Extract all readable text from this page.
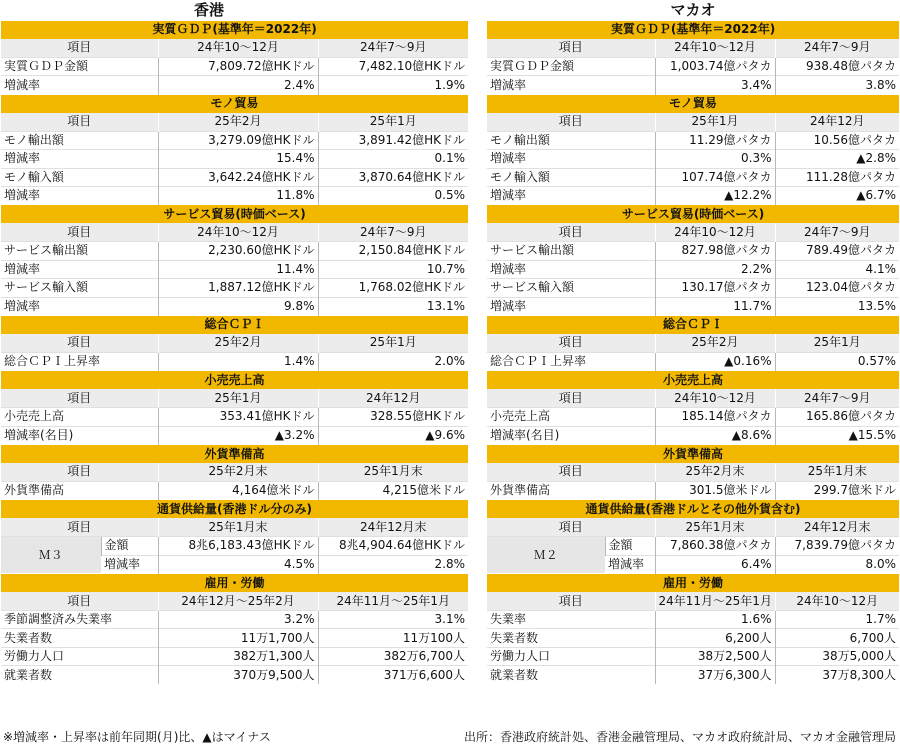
香港
実質ＧＤＰ(基準年＝2022年)			
項目		24年10〜12月	24年7〜9月
実質ＧＤＰ金額		7,809.72億HKドル	7,482.10億HKドル
増減率		2.4%	1.9%
モノ貿易			
項目		25年2月	25年1月
モノ輸出額		3,279.09億HKドル	3,891.42億HKドル
増減率		15.4%	0.1%
モノ輸入額		3,642.24億HKドル	3,870.64億HKドル
増減率		11.8%	0.5%
サービス貿易(時価ベース)			
項目		24年10〜12月	24年7〜9月
サービス輸出額		2,230.60億HKドル	2,150.84億HKドル
増減率		11.4%	10.7%
サービス輸入額		1,887.12億HKドル	1,768.02億HKドル
増減率		9.8%	13.1%
総合ＣＰＩ			
項目		25年2月	25年1月
総合ＣＰＩ上昇率		1.4%	2.0%
小売売上高			
項目		25年1月	24年12月
小売売上高		353.41億HKドル	328.55億HKドル
増減率(名目)		▲3.2%	▲9.6%
外貨準備高			
項目		25年2月末	25年1月末
外貨準備高		4,164億米ドル	4,215億米ドル
通貨供給量(香港ドル分のみ)			
項目		25年1月末	24年12月末
Ｍ３	金額	8兆6,183.43億HKドル	8兆4,904.64億HKドル
	増減率	4.5%	2.8%
雇用・労働			
項目		24年12月〜25年2月	24年11月〜25年1月
季節調整済み失業率		3.2%	3.1%
失業者数		11万1,700人	11万100人
労働力人口		382万1,300人	382万6,700人
就業者数		370万9,500人	371万6,600人
マカオ
実質ＧＤＰ(基準年＝2022年)			
項目		24年10〜12月	24年7〜9月
実質ＧＤＰ金額		1,003.74億パタカ	938.48億パタカ
増減率		3.4%	3.8%
モノ貿易			
項目		25年1月	24年12月
モノ輸出額		11.29億パタカ	10.56億パタカ
増減率		0.3%	▲2.8%
モノ輸入額		107.74億パタカ	111.28億パタカ
増減率		▲12.2%	▲6.7%
サービス貿易(時価ベース)			
項目		24年10〜12月	24年7〜9月
サービス輸出額		827.98億パタカ	789.49億パタカ
増減率		2.2%	4.1%
サービス輸入額		130.17億パタカ	123.04億パタカ
増減率		11.7%	13.5%
総合ＣＰＩ			
項目		25年2月	25年1月
総合ＣＰＩ上昇率		▲0.16%	0.57%
小売売上高			
項目		24年10〜12月	24年7〜9月
小売売上高		185.14億パタカ	165.86億パタカ
増減率(名目)		▲8.6%	▲15.5%
外貨準備高			
項目		25年2月末	25年1月末
外貨準備高		301.5億米ドル	299.7億米ドル
通貨供給量(香港ドルとその他外貨含む)			
項目		25年1月末	24年12月末
Ｍ２	金額	7,860.38億パタカ	7,839.79億パタカ
	増減率	6.4%	8.0%
雇用・労働			
項目		24年11月〜25年1月	24年10〜12月
失業率		1.6%	1.7%
失業者数		6,200人	6,700人
労働力人口		38万2,500人	38万5,000人
就業者数		37万6,300人	37万8,300人
※増減率・上昇率は前年同期(月)比、▲はマイナス	出所：香港政府統計処、香港金融管理局、マカオ政府統計局、マカオ金融管理局
